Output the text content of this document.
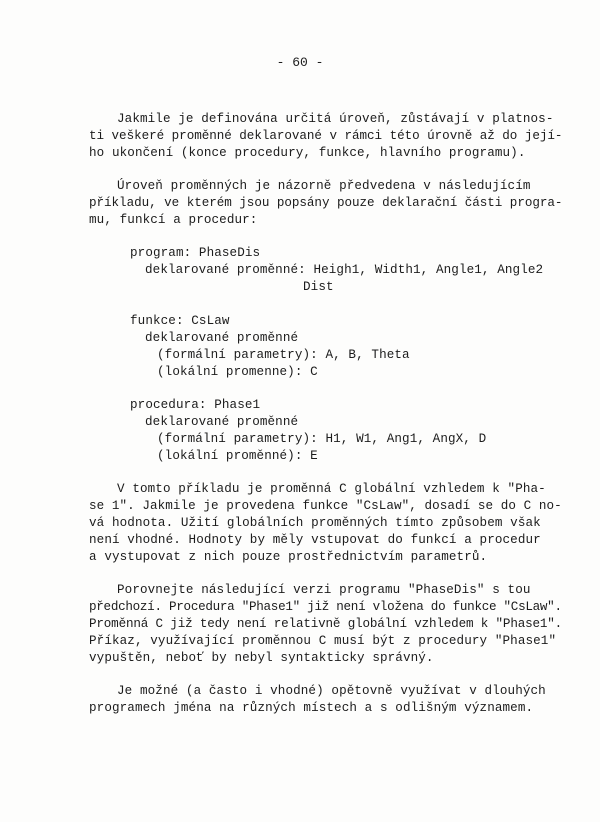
- 60 -
Jakmile je definována určitá úroveň, zůstávají v platnos-
ti veškeré proměnné deklarované v rámci této úrovně až do její-
ho ukončení (konce procedury, funkce, hlavního programu).
Úroveň proměnných je názorně předvedena v následujícím
příkladu, ve kterém jsou popsány pouze deklarační části progra-
mu, funkcí a procedur:
program: PhaseDis
deklarované proměnné: Heigh1, Width1, Angle1, Angle2
Dist
funkce: CsLaw
deklarované proměnné
(formální parametry): A, B, Theta
(lokální promenne): C
procedura: Phase1
deklarované proměnné
(formální parametry): H1, W1, Ang1, AngX, D
(lokální proměnné): E
V tomto příkladu je proměnná C globální vzhledem k "Pha-
se 1". Jakmile je provedena funkce "CsLaw", dosadí se do C no-
vá hodnota. Užití globálních proměnných tímto způsobem však
není vhodné. Hodnoty by měly vstupovat do funkcí a procedur
a vystupovat z nich pouze prostřednictvím parametrů.
Porovnejte následující verzi programu "PhaseDis" s tou
předchozí. Procedura "Phase1" již není vložena do funkce "CsLaw".
Proměnná C již tedy není relativně globální vzhledem k "Phase1".
Příkaz, využívající proměnnou C musí být z procedury "Phase1"
vypuštěn, neboť by nebyl syntakticky správný.
Je možné (a často i vhodné) opětovně využívat v dlouhých
programech jména na různých místech a s odlišným významem.
